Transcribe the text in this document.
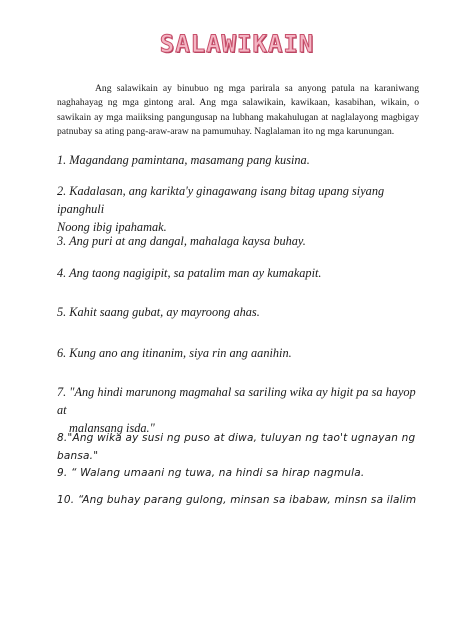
SALAWIKAIN

Ang salawikain ay binubuo ng mga parirala sa anyong patula na karaniwang naghahayag ng mga gintong aral. Ang mga salawikain, kawikaan, kasabihan, wikain, o sawikain ay mga maiiksing pangungusap na lubhang makahulugan at naglalayong magbigay patnubay sa ating pang-araw-araw na pamumuhay. Naglalaman ito ng mga karunungan.

1. Magandang pamintana, masamang pang kusina.

2. Kadalasan, ang karikta'y ginagawang isang bitag upang siyang ipanghuli
Noong ibig ipahamak.

3. Ang puri at ang dangal, mahalaga kaysa buhay.

4. Ang taong nagigipit, sa patalim man ay kumakapit.

5. Kahit saang gubat, ay mayroong ahas.

6. Kung ano ang itinanim, siya rin ang aanihin.

7. "Ang hindi marunong magmahal sa sariling wika ay higit pa sa hayop at
malansang isda."

8."Ang wika ay susi ng puso at diwa, tuluyan ng tao't ugnayan ng bansa."

9. “ Walang umaani ng tuwa, na hindi sa hirap nagmula.

10. “Ang buhay parang gulong, minsan sa ibabaw, minsn sa ilalim
